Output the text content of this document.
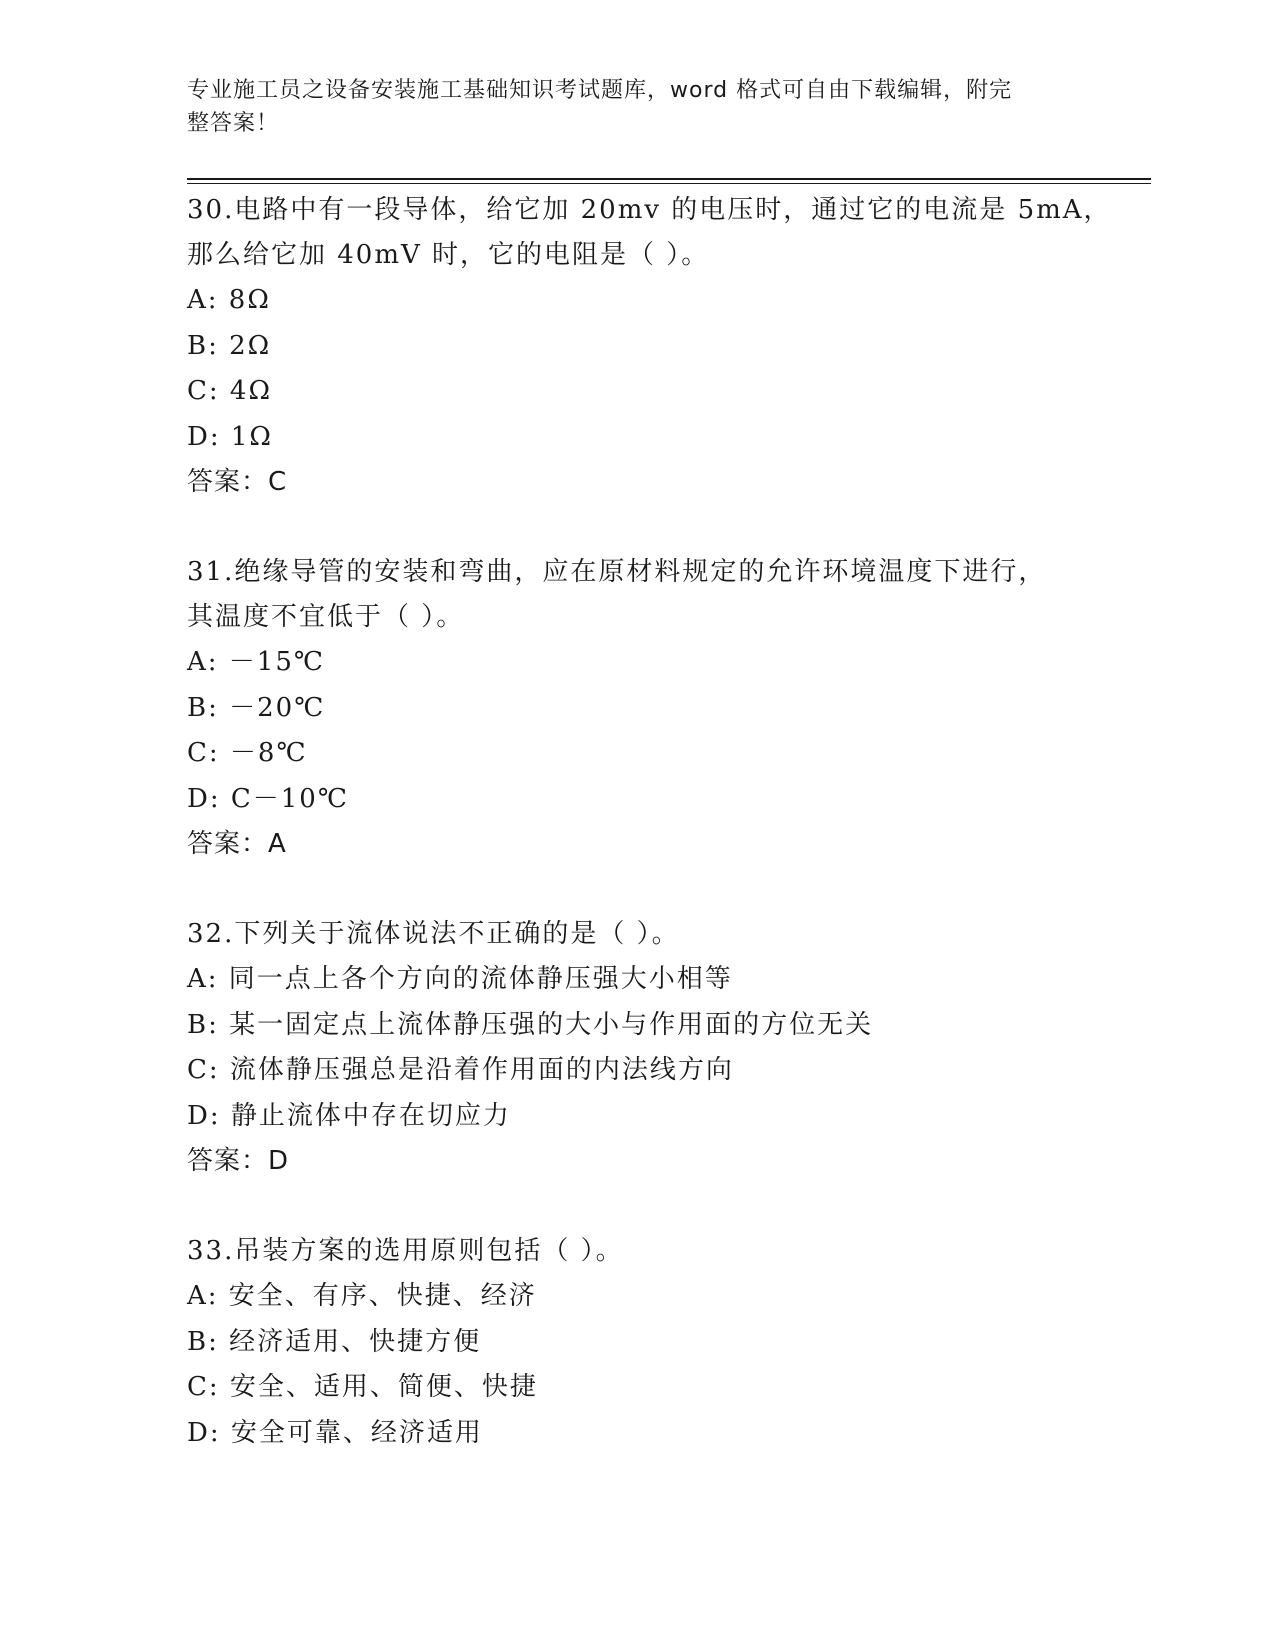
专业施工员之设备安装施工基础知识考试题库，word 格式可自由下载编辑，附完
整答案！
30.电路中有一段导体，给它加 20mv 的电压时，通过它的电流是 5mA，
那么给它加 40mV 时，它的电阻是（ ）。
A: 8Ω
B: 2Ω
C: 4Ω
D: 1Ω
答案：C
31.绝缘导管的安装和弯曲，应在原材料规定的允许环境温度下进行，
其温度不宜低于（ ）。
A: －15℃
B: －20℃
C: －8℃
D: C－10℃
答案：A
32.下列关于流体说法不正确的是（ ）。
A: 同一点上各个方向的流体静压强大小相等
B: 某一固定点上流体静压强的大小与作用面的方位无关
C: 流体静压强总是沿着作用面的内法线方向
D: 静止流体中存在切应力
答案：D
33.吊装方案的选用原则包括（ ）。
A: 安全、有序、快捷、经济
B: 经济适用、快捷方便
C: 安全、适用、简便、快捷
D: 安全可靠、经济适用
